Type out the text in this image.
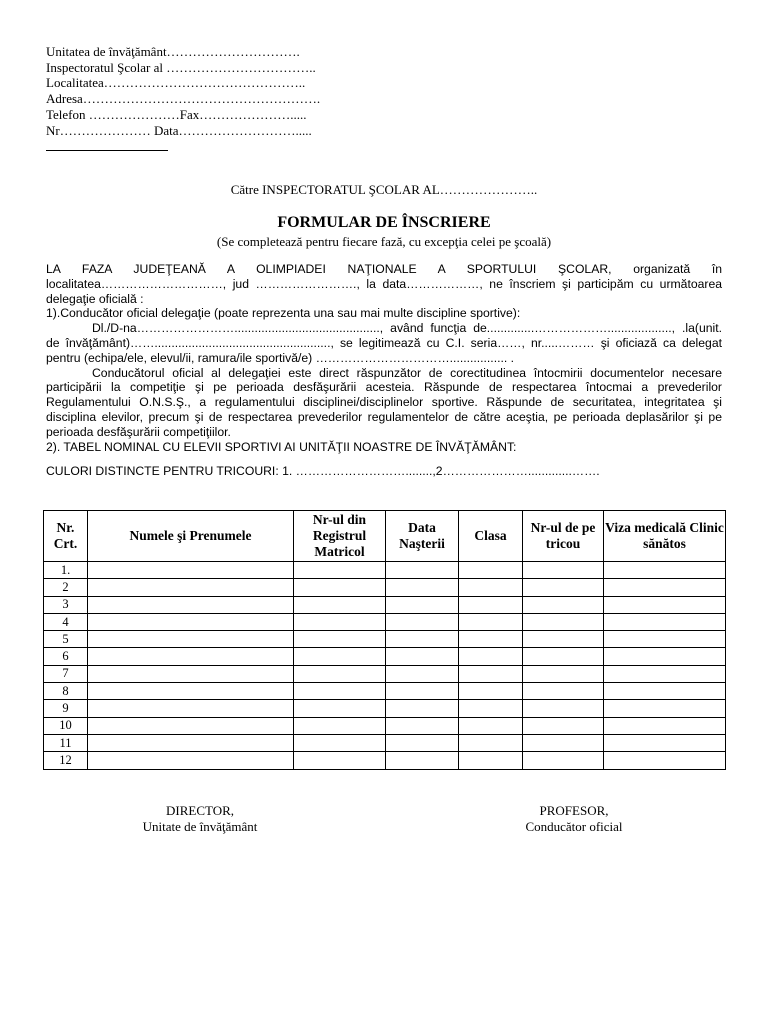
Unitatea de învăţământ………………………….
Inspectoratul Şcolar al ……………………………..
Localitatea………………………………………..
Adresa……………………………………………….
Telefon …………………Fax………………….....
Nr………………… Data……………………….....
Către INSPECTORATUL ŞCOLAR AL…………………..
FORMULAR DE ÎNSCRIERE
(Se completează pentru fiecare fază, cu excepţia celei pe şcoală)
LA FAZA JUDEŢEANĂ A OLIMPIADEI NAŢIONALE A SPORTULUI ŞCOLAR, organizată în localitatea…………………………, jud ……………………., la data………………, ne înscriem şi participăm cu următoarea delegaţie oficială :
1).Conducător oficial delegaţie (poate reprezenta una sau mai multe discipline sportive):
Dl./D-na……………………..........................................., având funcţia de..............………………..................., .la(unit. de învăţământ)……...................................................., se legitimează cu C.I. seria……, nr.....……… şi oficiază ca delegat pentru (echipa/ele, elevul/ii, ramura/ile sportivă/e) ……………………………................. .
Conducătorul oficial al delegaţiei este direct răspunzător de corectitudinea întocmirii documentelor necesare participării la competiţie şi pe perioada desfăşurării acesteia. Răspunde de respectarea întocmai a prevederilor Regulamentului O.N.S.Ş., a regulamentului disciplinei/disciplinelor sportive. Răspunde de securitatea, integritatea şi disciplina elevilor, precum şi de respectarea prevederilor regulamentelor de către aceştia, pe perioada deplasărilor şi pe perioada desfăşurării competiţiilor.
2). TABEL NOMINAL CU ELEVII SPORTIVI AI UNITĂŢII NOASTRE DE ÎNVĂŢĂMÂNT:
CULORI DISTINCTE PENTRU TRICOURI: 1. ………………………........,2………………….............…….
Nr. Crt.	Numele şi Prenumele	Nr-ul din Registrul Matricol	Data Naşterii	Clasa	Nr-ul de pe tricou	Viza medicală Clinic sănătos
1.						
2						
3						
4						
5						
6						
7						
8						
9						
10						
11						
12						
DIRECTOR,
Unitate de învăţământ
PROFESOR,
Conducător oficial
